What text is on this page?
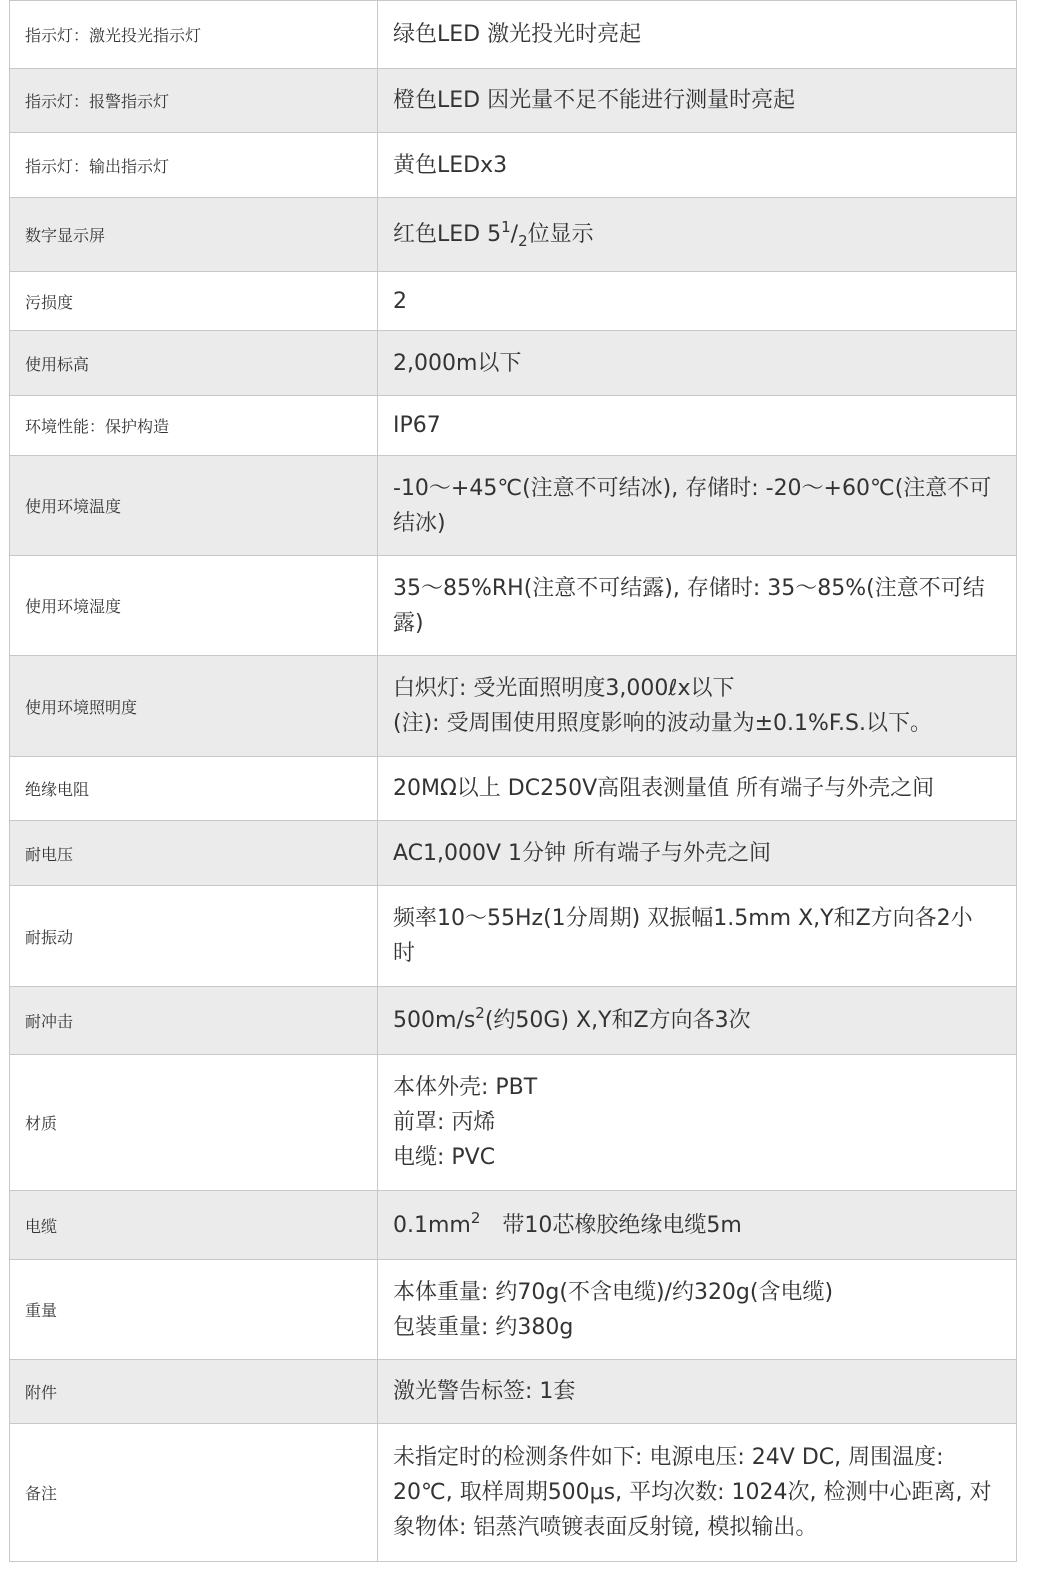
指示灯：激光投光指示灯	绿色LED 激光投光时亮起

指示灯：报警指示灯	橙色LED 因光量不足不能进行测量时亮起

指示灯：输出指示灯	黄色LEDx3

数字显示屏	红色LED $5^1/_2$位显示

污损度	2

使用标高	2,000m以下

环境性能：保护构造	IP67

使用环境温度	-10～+45℃(注意不可结冰), 存储时: -20～+60℃(注意不可
结冰)

使用环境湿度	35～85%RH(注意不可结露), 存储时: 35～85%(注意不可结
露)

使用环境照明度	白炽灯: 受光面照明度3,000ℓx以下
(注): 受周围使用照度影响的波动量为±0.1%F.S.以下。

绝缘电阻	20MΩ以上 DC250V高阻表测量值 所有端子与外壳之间

耐电压	AC1,000V 1分钟 所有端子与外壳之间

耐振动	频率10～55Hz(1分周期) 双振幅1.5mm X,Y和Z方向各2小
时

耐冲击	$500m/s^2$(约50G) X,Y和Z方向各3次

材质	本体外壳: PBT
前罩: 丙烯
电缆: PVC

电缆	$0.1mm^2$　带10芯橡胶绝缘电缆5m

重量	本体重量: 约70g(不含电缆)/约320g(含电缆)
包装重量: 约380g

附件	激光警告标签: 1套

备注	未指定时的检测条件如下: 电源电压: 24V DC, 周围温度:
20℃, 取样周期500μs, 平均次数: 1024次, 检测中心距离, 对
象物体: 铝蒸汽喷镀表面反射镜, 模拟输出。
